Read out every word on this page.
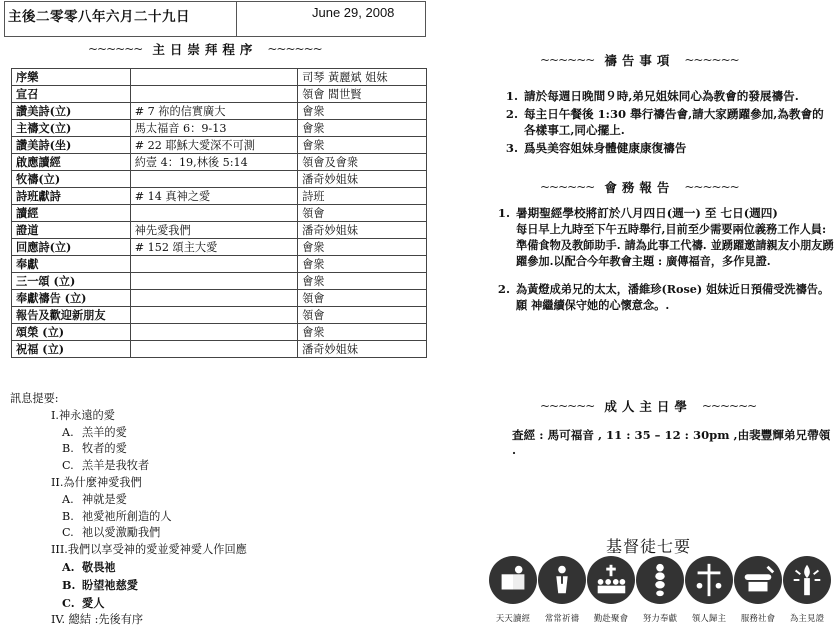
主後二零零八年六月二十九日	June 29, 2008
~~~~~~ 主日崇拜程序 ~~~~~~
序樂		司琴 黃麗斌 姐妹
宣召		領會 閻世賢
讚美詩(立)	# 7 祢的信實廣大	會衆
主禱文(立)	馬太福音 6：9-13	會衆
讚美詩(坐)	# 22 耶穌大愛深不可測	會衆
啟應讀經	約壹 4：19,林後 5:14	領會及會衆
牧禱(立)		潘奇妙姐妹
詩班獻詩	# 14 真神之愛	詩班
讀經		領會
證道	神先愛我們	潘奇妙姐妹
回應詩(立)	# 152 頌主大愛	會衆
奉獻		會衆
三一頌 (立)		會衆
奉獻禱告 (立)		領會
報告及歡迎新朋友		領會
頌榮 (立)		會衆
祝福 (立)		潘奇妙姐妹
訊息提要:
I.神永遠的愛
A. 羔羊的愛
B. 牧者的愛
C. 羔羊是我牧者
II.為什麼神愛我們
A. 神就是愛
B. 祂愛祂所創造的人
C. 祂以愛激勵我們
III.我們以享受神的愛並愛神愛人作回應
A. 敬畏祂
B. 盼望祂慈愛
C. 愛人
IV. 總結 :先後有序
~~~~~~ 禱告事項 ~~~~~~
1. 請於每週日晚間９時,弟兄姐妹同心為教會的發展禱告.
2. 每主日午餐後 1:30 舉行禱告會,請大家踴躍參加,為教會的各樣事工,同心擺上.
3. 爲吳美容姐妹身體健康康復禱告
~~~~~~ 會務報告 ~~~~~~
1. 暑期聖經學校將訂於八月四日(週一) 至 七日(週四)
每日早上九時至下午五時舉行,目前至少需要兩位義務工作人員:準備食物及教師助手. 請為此事工代禱. 並踴躍邀請親友小朋友踴躍參加.以配合今年教會主題 : 廣傳福音，多作見證.
2. 為黃燈成弟兄的太太，潘維珍(Rose) 姐妹近日預備受洗禱告。願 神繼續保守她的心懷意念。.
~~~~~~ 成人主日學 ~~~~~~
查經 : 馬可福音 , 11 : 35 – 12 : 30pm ,由裴豐輝弟兄帶領 .
基督徒七要
天天讀經	常常祈禱	勤赴聚會	努力奉獻	領人歸主	服務社會	為主見證
